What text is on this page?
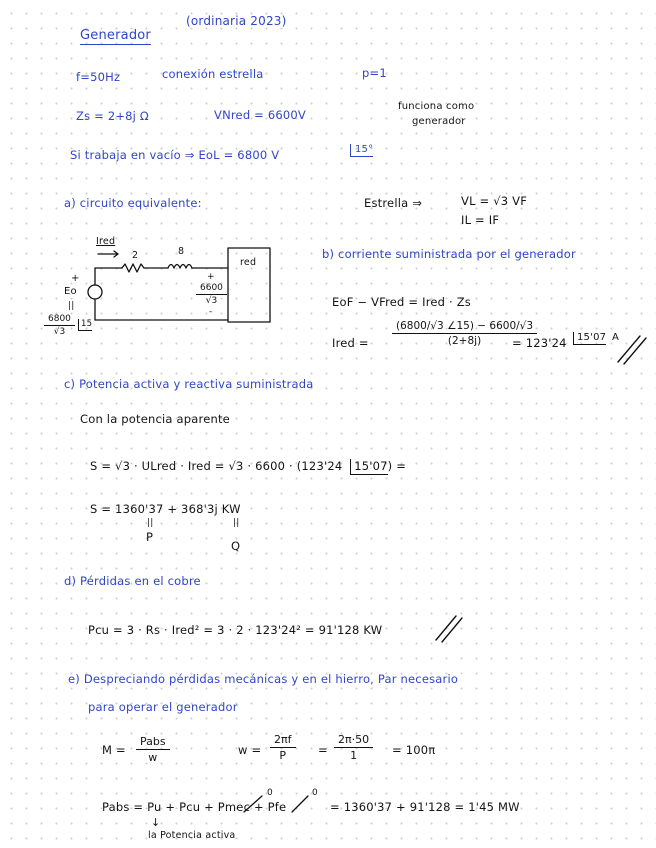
(ordinaria 2023)
Generador
f=50Hz	conexión estrella	p=1
Zs = 2+8j Ω	VNred = 6600V
funciona como
generador
Si trabaja en vacío ⇒ EoL = 6800 V	15°
a) circuito equivalente:	Estrella ⇒	VL = √3 VF
IL = IF
Ired
2	8
red
+
Eo
||
$\frac{6800}{√3} 15$
+
$\frac{6600}{√3}$
-
b) corriente suministrada por el generador
EoF − VFred = Ired · Zs
Ired = $\frac{(6800/√3 \angle 15) - 6600/√3}{(2+8j)}$
= 123'24	15'07 A
c) Potencia activa y reactiva suministrada
Con la potencia aparente
S = √3 · ULred · Ired = √3 · 6600 · (123'24 15'07) =
S = 1360'37 + 368'3j KW
||
P
||
Q
d) Pérdidas en el cobre
Pcu = 3 · Rs · Ired² = 3 · 2 · 123'24² = 91'128 KW
e) Despreciando pérdidas mecánicas y en el hierro, Par necesario
para operar el generador
M =
Pabs
w
$w = \frac{2\pi f}{P} = \frac{2\pi\cdot 50}{1} = 100\pi$
Pabs = Pu + Pcu + Pmec + Pfe
0	0
= 1360'37 + 91'128 = 1'45 MW
↓
la Potencia activa
